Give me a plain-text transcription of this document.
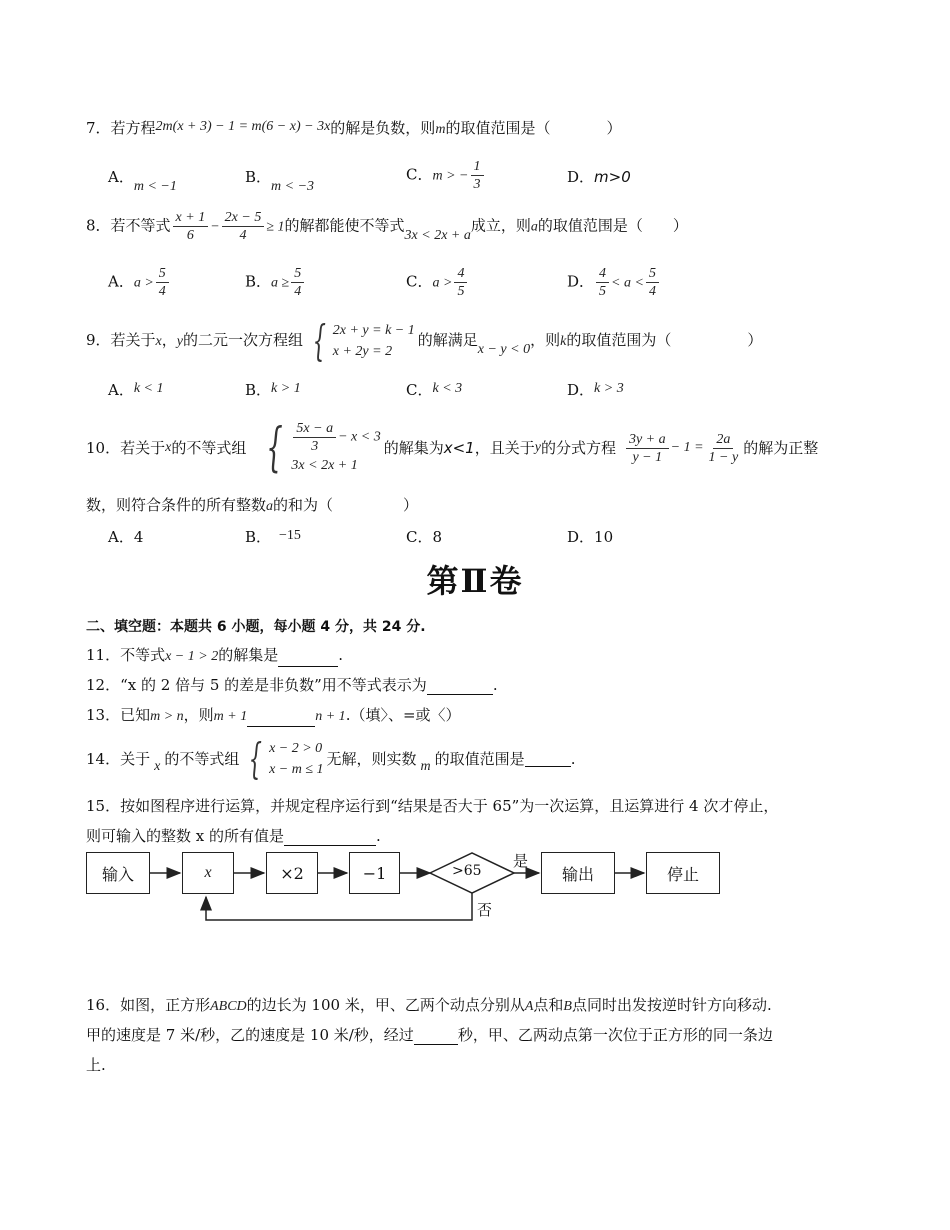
7．若方程2m(x + 3) − 1 = m(6 − x) − 3x的解是负数，则m的取值范围是（	）
A．m < −1
B．m < −3
C．m > − $\frac{1}{3}$	D．m>0
8．若不等式 $\frac{x + 1}{6} - \frac{2x - 5}{4} \ge 1$的解都能使不等式3x < 2x + a成立，则a的取值范围是（ ）
A．$a > \frac{5}{4}$	B．$a \ge \frac{5}{4}$	C．$a > \frac{4}{5}$	D． $\frac{4}{5} < a < \frac{5}{4}$
9．若关于x，y的二元一次方程组 { 2x + y = k − 1
x + 2y = 2
的解满足x − y < 0，则k的取值范围为（	）
A．k < 1	B．k > 1	C．k < 3	D．k > 3
10．若关于 x 的不等式组 { $\frac{5x - a}{3} - x < 3$
3x < 2x + 1
的解集为 x<1 ，且关于 y 的分式方程 $\frac{3y + a}{y - 1} - 1 = \frac{2a}{1 - y}$ 的解为正整
数，则符合条件的所有整数a的和为（	）
A．4	B． −15	C．8	D．10
第Ⅱ卷
二、填空题：本题共 6 小题，每小题 4 分，共 24 分.
11．不等式x − 1 > 2的解集是	.
12．“x 的 2 倍与 5 的差是非负数”用不等式表示为	.
13．已知m > n，则m + 1	n + 1.（填〉、=或〈）
14．关于 x 的不等式组 { x − 2 > 0
x − m ≤ 1
无解，则实数 m 的取值范围是	.
15．按如图程序进行运算，并规定程序运行到“结果是否大于 65”为一次运算，且运算进行 4 次才停止，
则可输入的整数 x 的所有值是	.
输入	x	×2	−1	>65
是
否
输出	停止
16．如图，正方形ABCD的边长为 100 米，甲、乙两个动点分别从A点和B点同时出发按逆时针方向移动.
甲的速度是 7 米/秒，乙的速度是 10 米/秒，经过	秒，甲、乙两动点第一次位于正方形的同一条边
上.
